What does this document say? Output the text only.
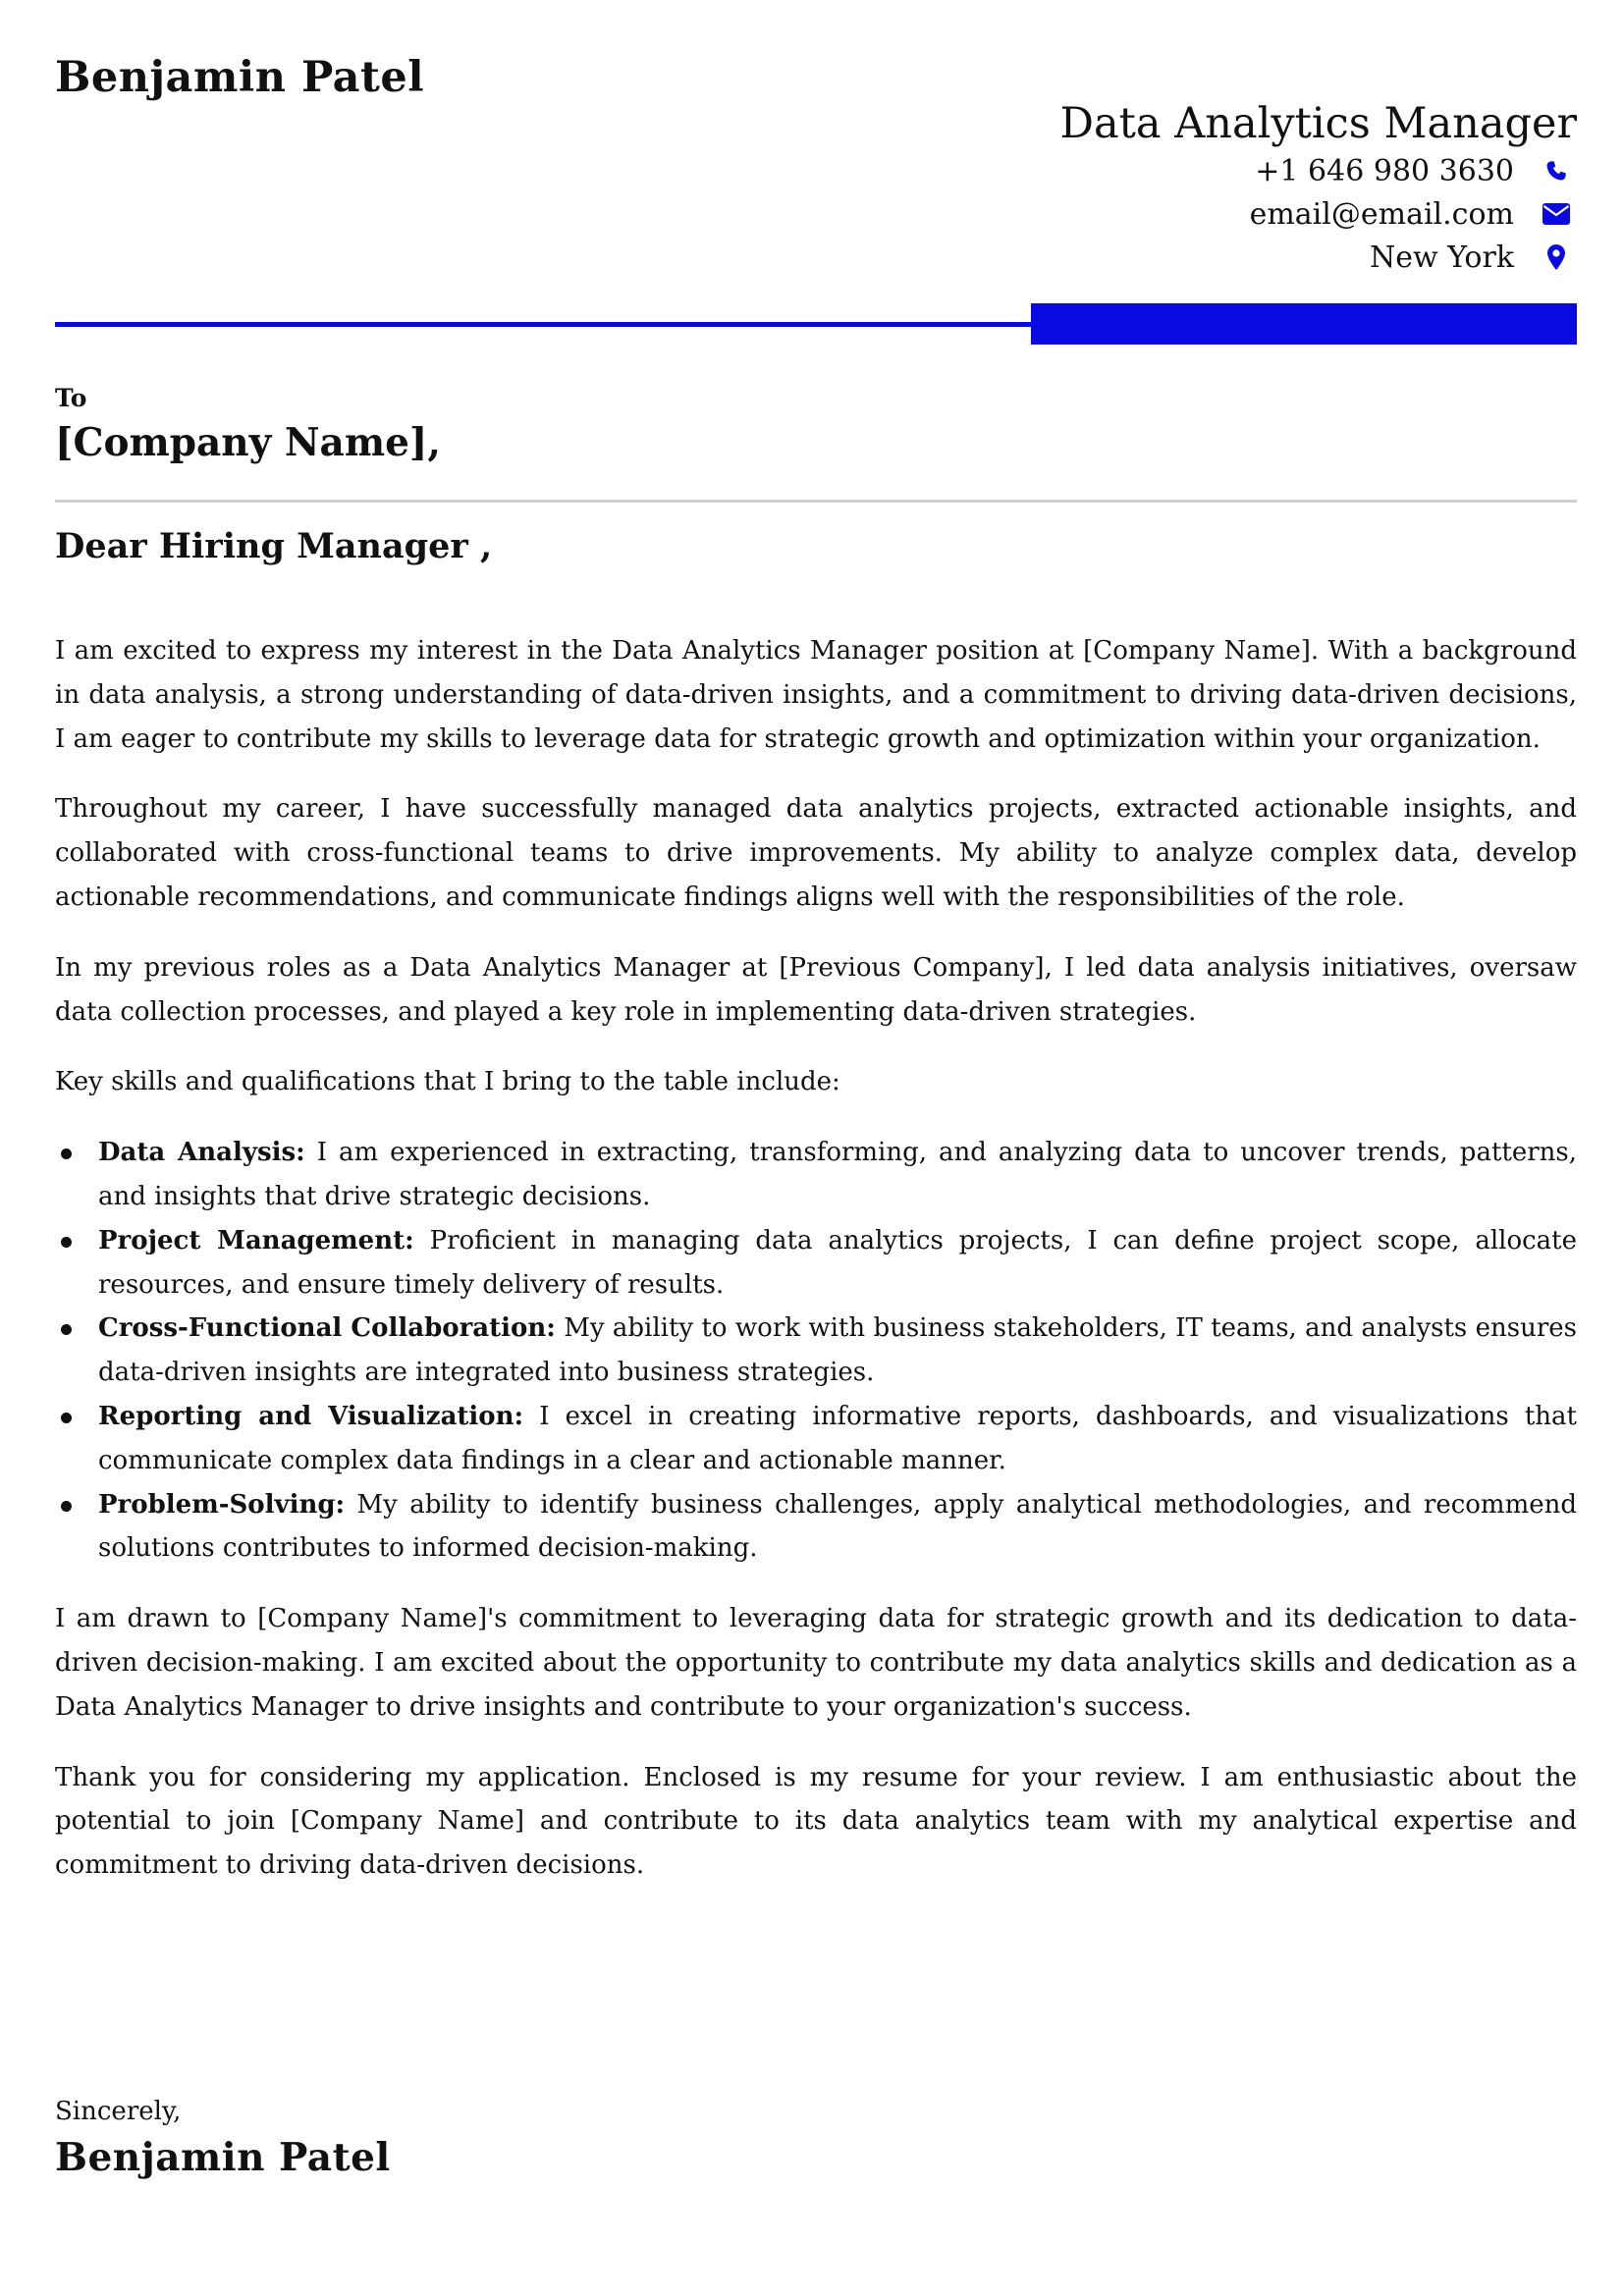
Benjamin Patel
Data Analytics Manager
+1 646 980 3630
email@email.com
New York

To

[Company Name],
Dear Hiring Manager ,

I am excited to express my interest in the Data Analytics Manager position at [Company Name]. With a background in data analysis, a strong understanding of data-driven insights, and a commitment to driving data-driven decisions, I am eager to contribute my skills to leverage data for strategic growth and optimization within your organization.

Throughout my career, I have successfully managed data analytics projects, extracted actionable insights, and collaborated with cross-functional teams to drive improvements. My ability to analyze complex data, develop actionable recommendations, and communicate findings aligns well with the responsibilities of the role.

In my previous roles as a Data Analytics Manager at [Previous Company], I led data analysis initiatives, oversaw data collection processes, and played a key role in implementing data-driven strategies.

Key skills and qualifications that I bring to the table include:

Data Analysis: I am experienced in extracting, transforming, and analyzing data to uncover trends, patterns, and insights that drive strategic decisions.
Project Management: Proficient in managing data analytics projects, I can define project scope, allocate resources, and ensure timely delivery of results.
Cross-Functional Collaboration: My ability to work with business stakeholders, IT teams, and analysts ensures data-driven insights are integrated into business strategies.
Reporting and Visualization: I excel in creating informative reports, dashboards, and visualizations that communicate complex data findings in a clear and actionable manner.
Problem-Solving: My ability to identify business challenges, apply analytical methodologies, and recommend solutions contributes to informed decision-making.

I am drawn to [Company Name]'s commitment to leveraging data for strategic growth and its dedication to data-driven decision-making. I am excited about the opportunity to contribute my data analytics skills and dedication as a Data Analytics Manager to drive insights and contribute to your organization's success.

Thank you for considering my application. Enclosed is my resume for your review. I am enthusiastic about the potential to join [Company Name] and contribute to its data analytics team with my analytical expertise and commitment to driving data-driven decisions.

Sincerely,

Benjamin Patel
